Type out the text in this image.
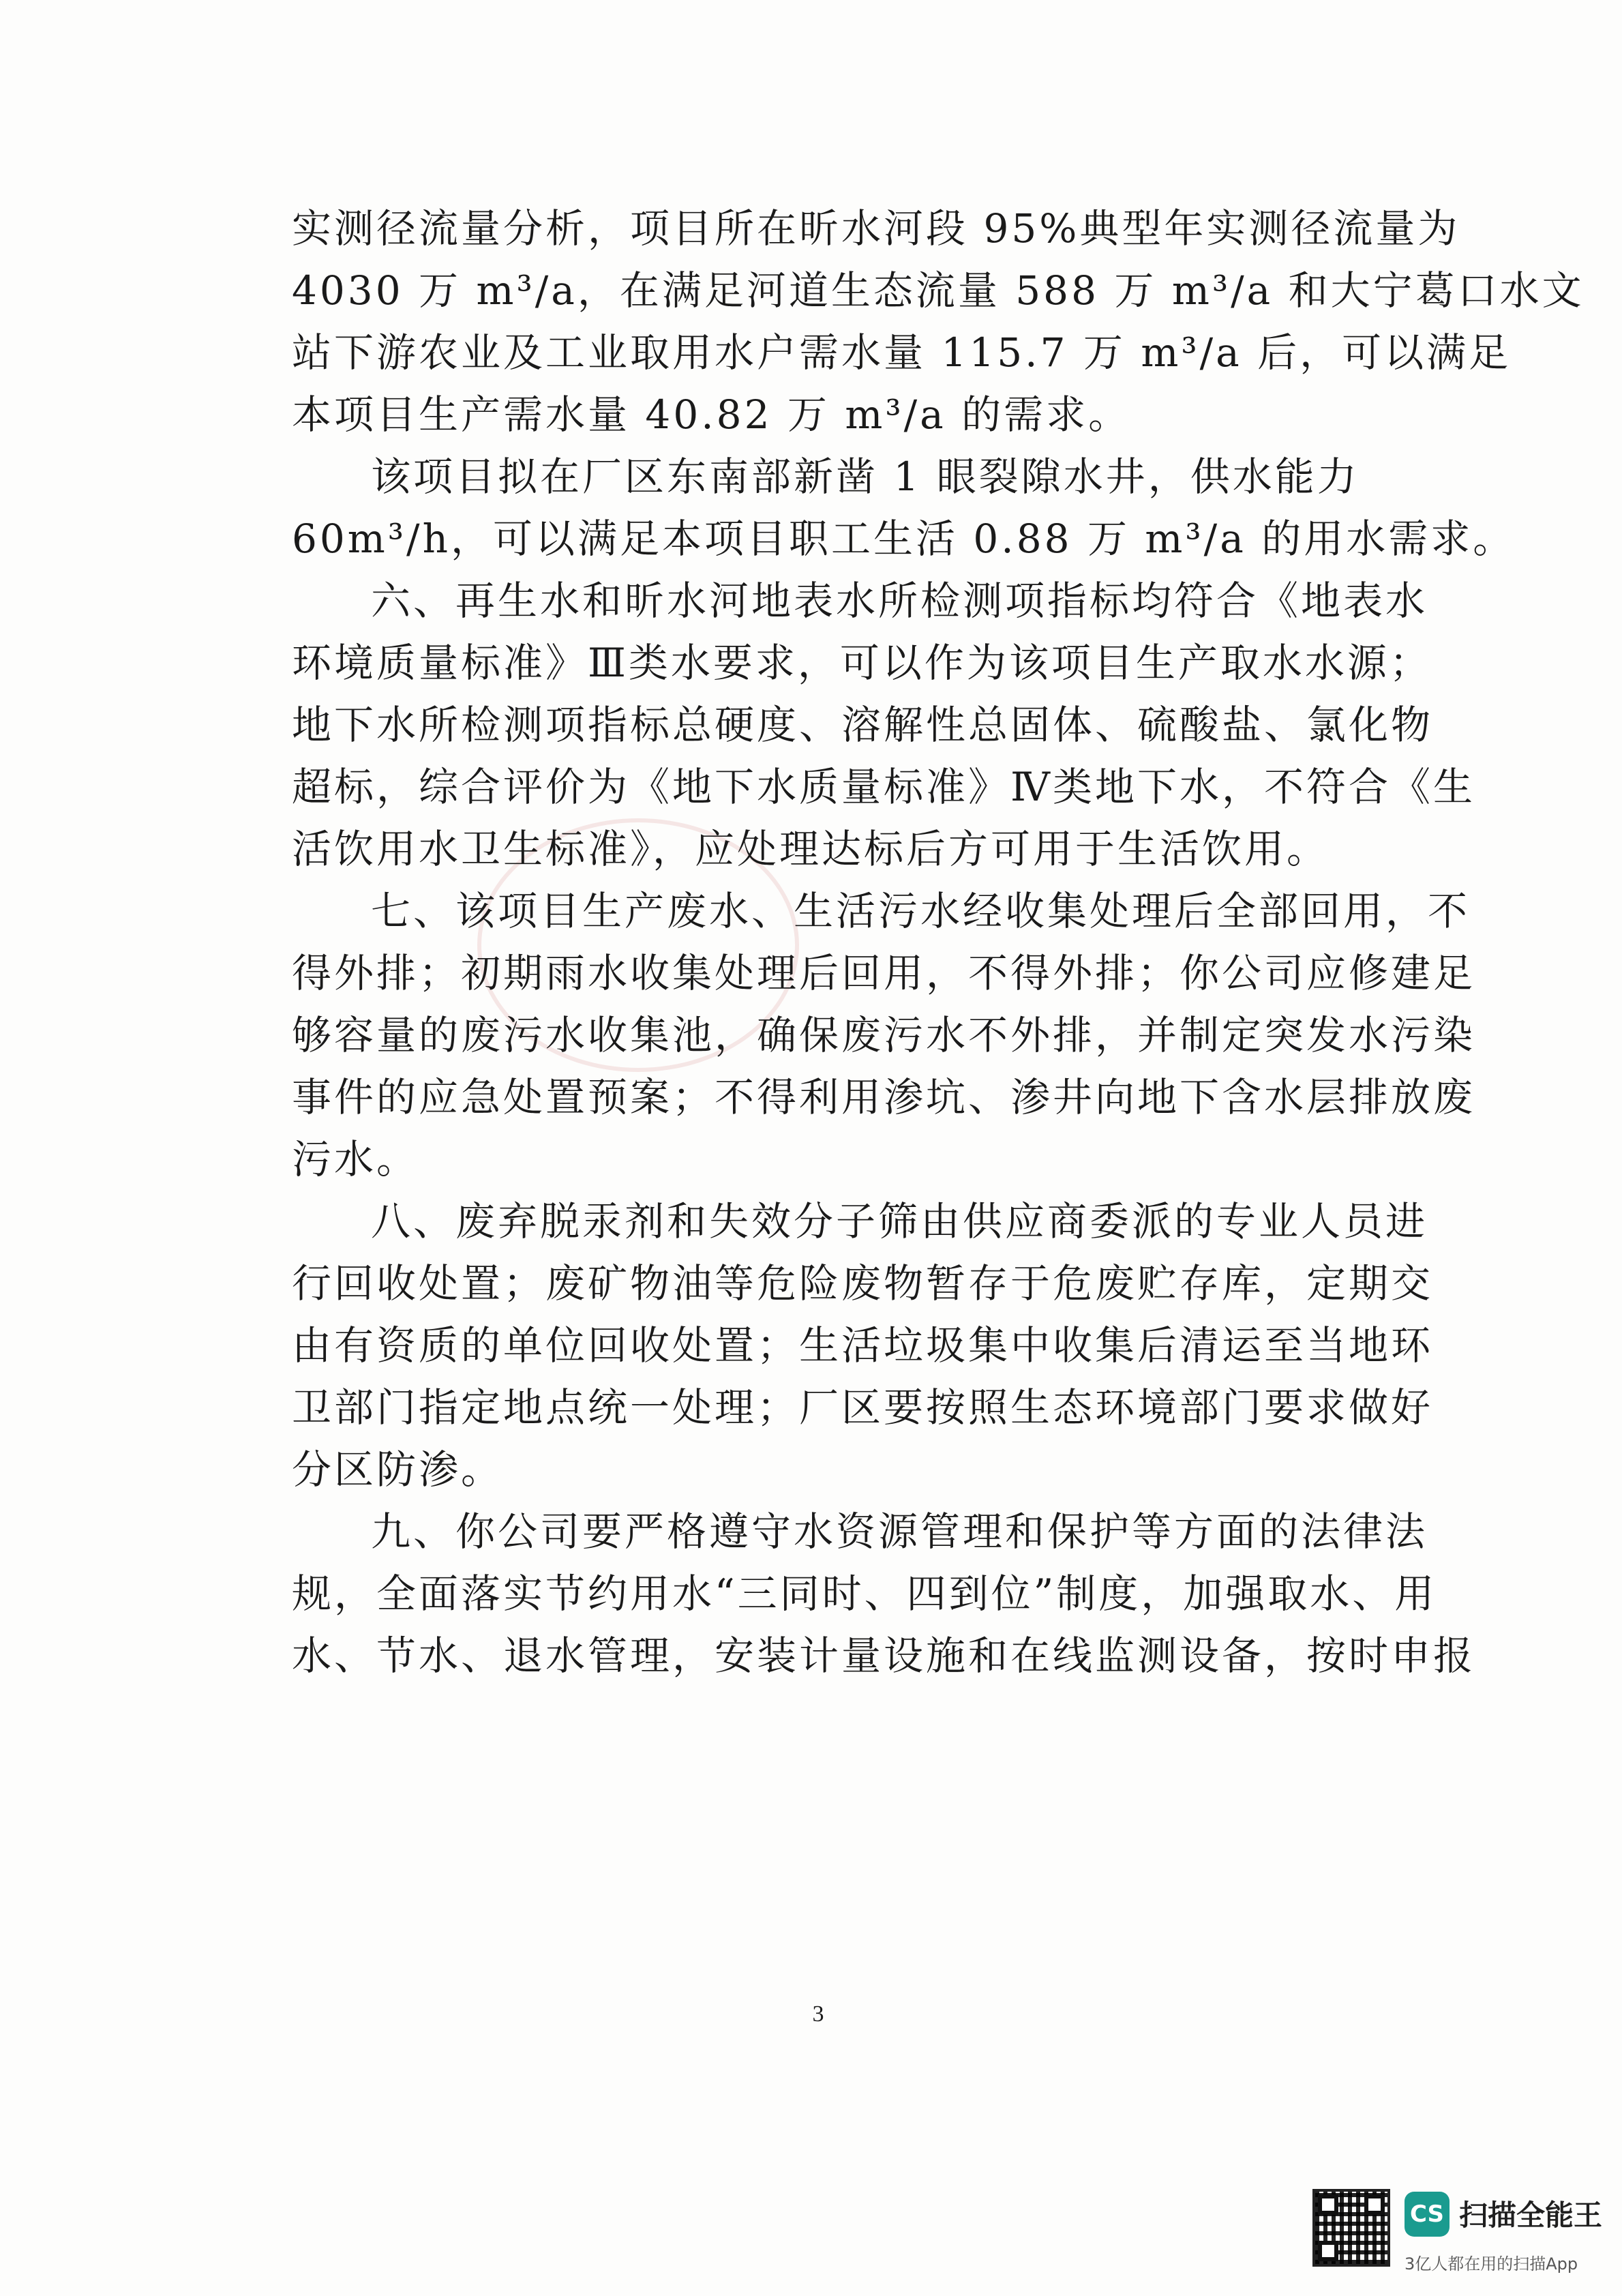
实测径流量分析，项目所在昕水河段 95%典型年实测径流量为
4030 万 m³/a，在满足河道生态流量 588 万 m³/a 和大宁葛口水文
站下游农业及工业取用水户需水量 115.7 万 m³/a 后，可以满足
本项目生产需水量 40.82 万 m³/a 的需求。
该项目拟在厂区东南部新凿 1 眼裂隙水井，供水能力
60m³/h，可以满足本项目职工生活 0.88 万 m³/a 的用水需求。
六、再生水和昕水河地表水所检测项指标均符合《地表水
环境质量标准》Ⅲ类水要求，可以作为该项目生产取水水源；
地下水所检测项指标总硬度、溶解性总固体、硫酸盐、氯化物
超标，综合评价为《地下水质量标准》Ⅳ类地下水，不符合《生
活饮用水卫生标准》，应处理达标后方可用于生活饮用。
七、该项目生产废水、生活污水经收集处理后全部回用，不
得外排；初期雨水收集处理后回用，不得外排；你公司应修建足
够容量的废污水收集池，确保废污水不外排，并制定突发水污染
事件的应急处置预案；不得利用渗坑、渗井向地下含水层排放废
污水。
八、废弃脱汞剂和失效分子筛由供应商委派的专业人员进
行回收处置；废矿物油等危险废物暂存于危废贮存库，定期交
由有资质的单位回收处置；生活垃圾集中收集后清运至当地环
卫部门指定地点统一处理；厂区要按照生态环境部门要求做好
分区防渗。
九、你公司要严格遵守水资源管理和保护等方面的法律法
规，全面落实节约用水“三同时、四到位”制度，加强取水、用
水、节水、退水管理，安装计量设施和在线监测设备，按时申报
3
CS 扫描全能王
3亿人都在用的扫描App
